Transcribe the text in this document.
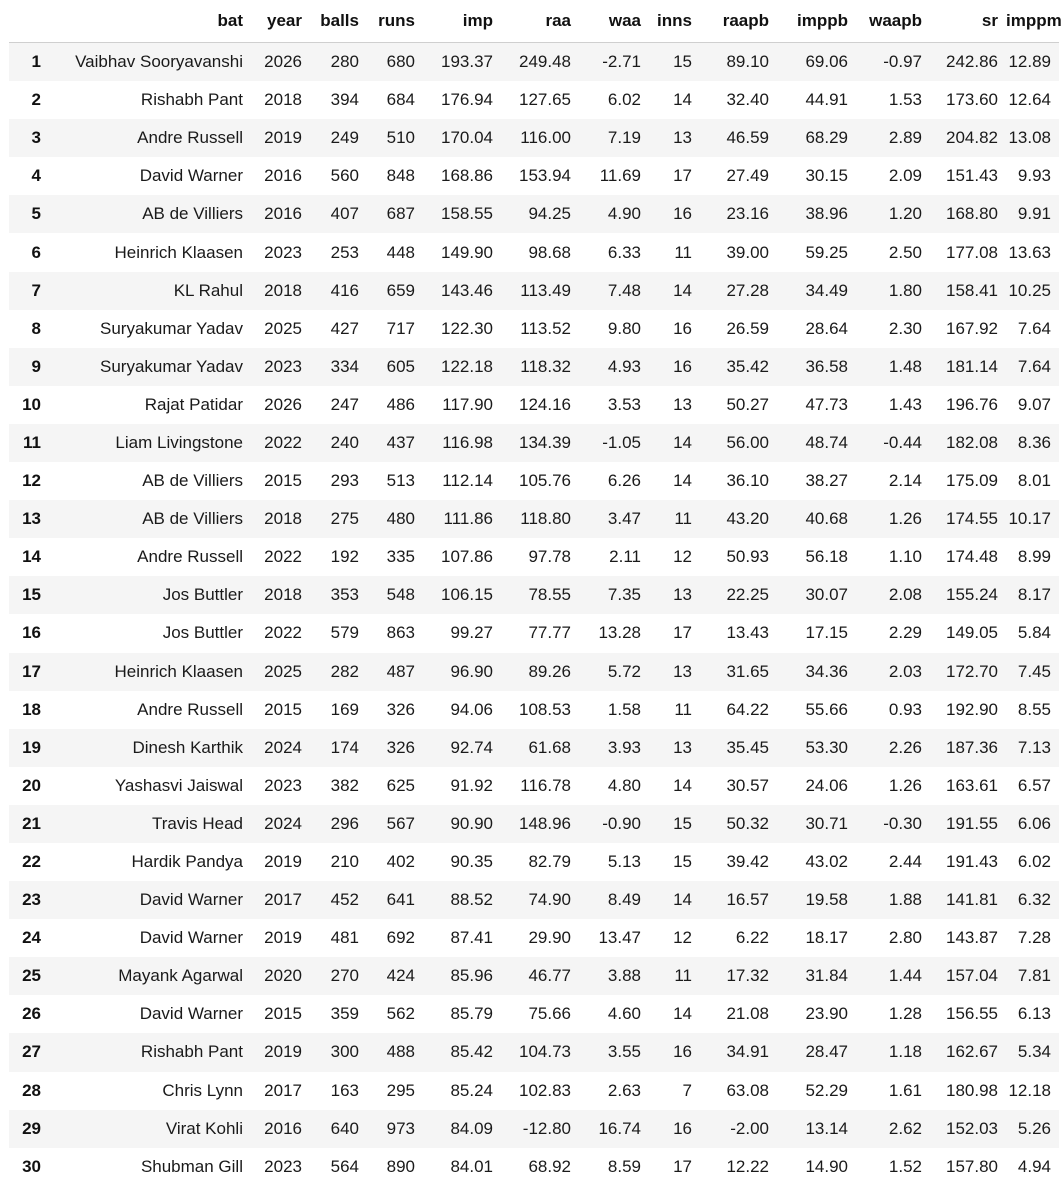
	bat	year	balls	runs	imp	raa	waa	inns	raapb	imppb	waapb	sr	imppm
1	Vaibhav Sooryavanshi	2026	280	680	193.37	249.48	-2.71	15	89.10	69.06	-0.97	242.86	12.89
2	Rishabh Pant	2018	394	684	176.94	127.65	6.02	14	32.40	44.91	1.53	173.60	12.64
3	Andre Russell	2019	249	510	170.04	116.00	7.19	13	46.59	68.29	2.89	204.82	13.08
4	David Warner	2016	560	848	168.86	153.94	11.69	17	27.49	30.15	2.09	151.43	9.93
5	AB de Villiers	2016	407	687	158.55	94.25	4.90	16	23.16	38.96	1.20	168.80	9.91
6	Heinrich Klaasen	2023	253	448	149.90	98.68	6.33	11	39.00	59.25	2.50	177.08	13.63
7	KL Rahul	2018	416	659	143.46	113.49	7.48	14	27.28	34.49	1.80	158.41	10.25
8	Suryakumar Yadav	2025	427	717	122.30	113.52	9.80	16	26.59	28.64	2.30	167.92	7.64
9	Suryakumar Yadav	2023	334	605	122.18	118.32	4.93	16	35.42	36.58	1.48	181.14	7.64
10	Rajat Patidar	2026	247	486	117.90	124.16	3.53	13	50.27	47.73	1.43	196.76	9.07
11	Liam Livingstone	2022	240	437	116.98	134.39	-1.05	14	56.00	48.74	-0.44	182.08	8.36
12	AB de Villiers	2015	293	513	112.14	105.76	6.26	14	36.10	38.27	2.14	175.09	8.01
13	AB de Villiers	2018	275	480	111.86	118.80	3.47	11	43.20	40.68	1.26	174.55	10.17
14	Andre Russell	2022	192	335	107.86	97.78	2.11	12	50.93	56.18	1.10	174.48	8.99
15	Jos Buttler	2018	353	548	106.15	78.55	7.35	13	22.25	30.07	2.08	155.24	8.17
16	Jos Buttler	2022	579	863	99.27	77.77	13.28	17	13.43	17.15	2.29	149.05	5.84
17	Heinrich Klaasen	2025	282	487	96.90	89.26	5.72	13	31.65	34.36	2.03	172.70	7.45
18	Andre Russell	2015	169	326	94.06	108.53	1.58	11	64.22	55.66	0.93	192.90	8.55
19	Dinesh Karthik	2024	174	326	92.74	61.68	3.93	13	35.45	53.30	2.26	187.36	7.13
20	Yashasvi Jaiswal	2023	382	625	91.92	116.78	4.80	14	30.57	24.06	1.26	163.61	6.57
21	Travis Head	2024	296	567	90.90	148.96	-0.90	15	50.32	30.71	-0.30	191.55	6.06
22	Hardik Pandya	2019	210	402	90.35	82.79	5.13	15	39.42	43.02	2.44	191.43	6.02
23	David Warner	2017	452	641	88.52	74.90	8.49	14	16.57	19.58	1.88	141.81	6.32
24	David Warner	2019	481	692	87.41	29.90	13.47	12	6.22	18.17	2.80	143.87	7.28
25	Mayank Agarwal	2020	270	424	85.96	46.77	3.88	11	17.32	31.84	1.44	157.04	7.81
26	David Warner	2015	359	562	85.79	75.66	4.60	14	21.08	23.90	1.28	156.55	6.13
27	Rishabh Pant	2019	300	488	85.42	104.73	3.55	16	34.91	28.47	1.18	162.67	5.34
28	Chris Lynn	2017	163	295	85.24	102.83	2.63	7	63.08	52.29	1.61	180.98	12.18
29	Virat Kohli	2016	640	973	84.09	-12.80	16.74	16	-2.00	13.14	2.62	152.03	5.26
30	Shubman Gill	2023	564	890	84.01	68.92	8.59	17	12.22	14.90	1.52	157.80	4.94
